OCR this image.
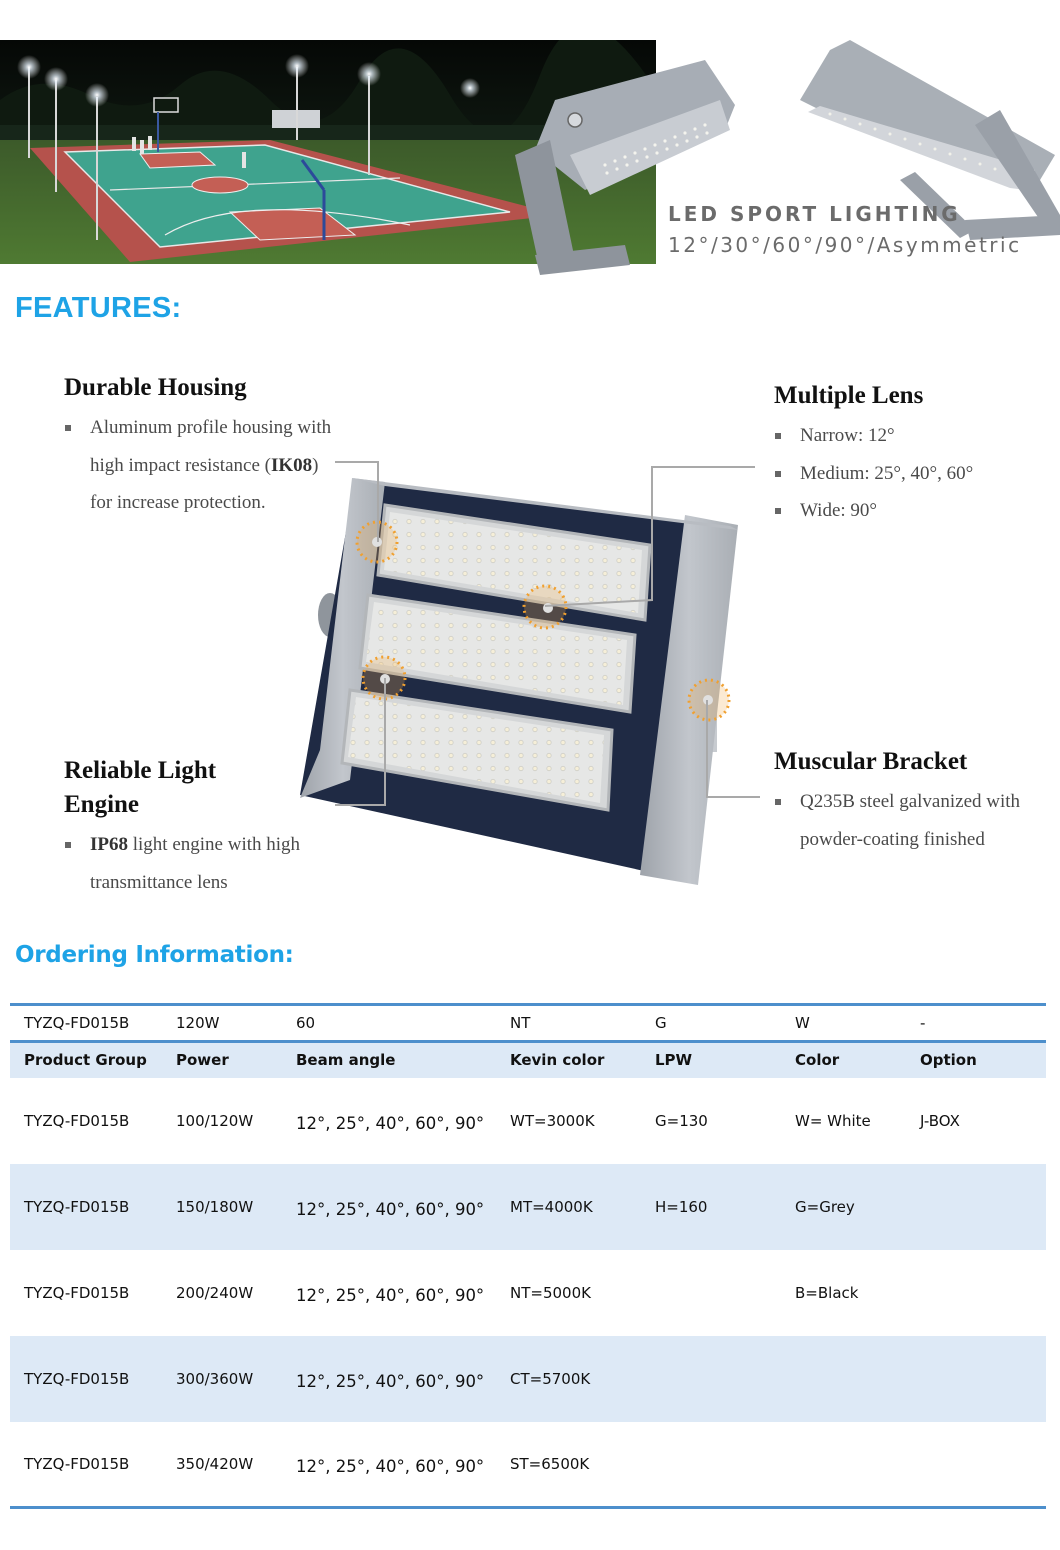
LED SPORT LIGHTING
12°/30°/60°/90°/Asymmetric
FEATURES:
Durable Housing
Aluminum profile housing with high impact resistance (IK08) for increase protection.
Multiple Lens
Narrow: 12°
Medium: 25°, 40°, 60°
Wide: 90°
Reliable Light Engine
IP68 light engine with high transmittance lens
Muscular Bracket
Q235B steel galvanized with powder-coating finished
Ordering Information:
TYZQ-FD015B	120W	60	NT	G	W	-
Product Group	Power	Beam angle	Kevin color	LPW	Color	Option
TYZQ-FD015B	100/120W	12°, 25°, 40°, 60°, 90°	WT=3000K	G=130	W= White	J-BOX
TYZQ-FD015B	150/180W	12°, 25°, 40°, 60°, 90°	MT=4000K	H=160	G=Grey	
TYZQ-FD015B	200/240W	12°, 25°, 40°, 60°, 90°	NT=5000K		B=Black	
TYZQ-FD015B	300/360W	12°, 25°, 40°, 60°, 90°	CT=5700K			
TYZQ-FD015B	350/420W	12°, 25°, 40°, 60°, 90°	ST=6500K			
